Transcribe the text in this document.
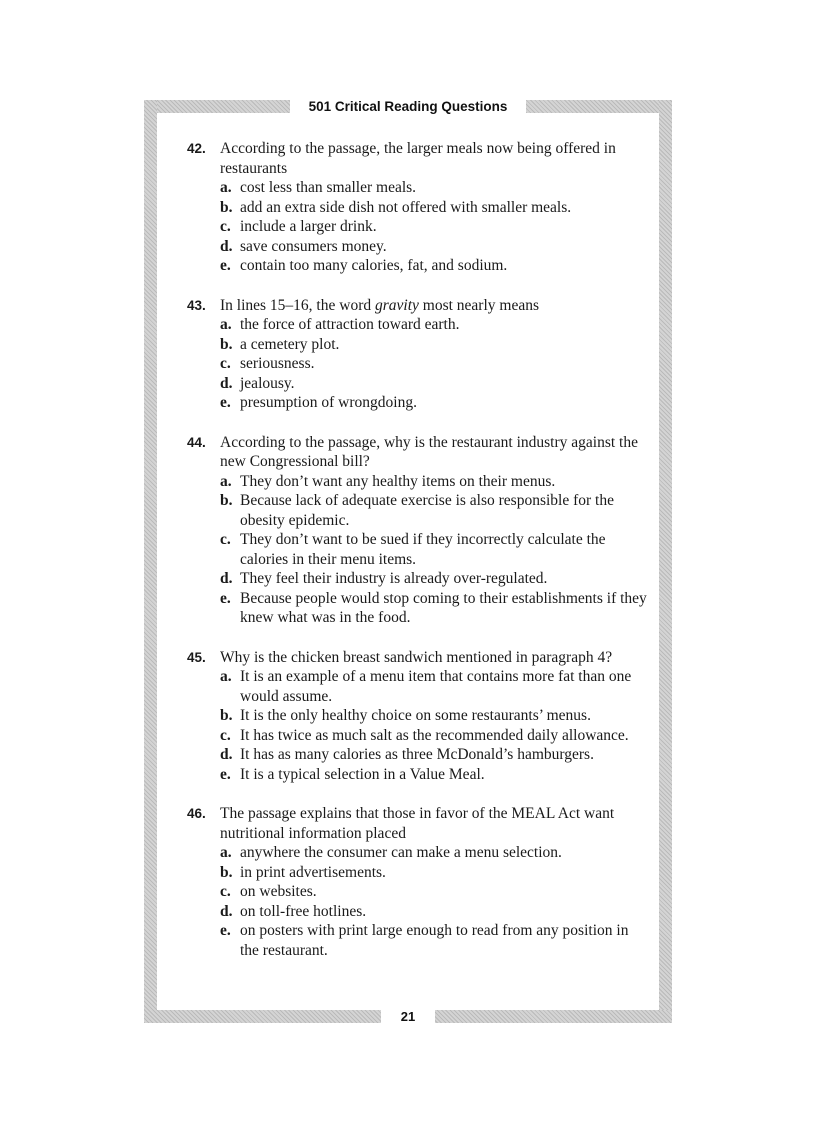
501 Critical Reading Questions
42. According to the passage, the larger meals now being offered in restaurants
a. cost less than smaller meals.
b. add an extra side dish not offered with smaller meals.
c. include a larger drink.
d. save consumers money.
e. contain too many calories, fat, and sodium.
43. In lines 15–16, the word gravity most nearly means
a. the force of attraction toward earth.
b. a cemetery plot.
c. seriousness.
d. jealousy.
e. presumption of wrongdoing.
44. According to the passage, why is the restaurant industry against the new Congressional bill?
a. They don’t want any healthy items on their menus.
b. Because lack of adequate exercise is also responsible for the obesity epidemic.
c. They don’t want to be sued if they incorrectly calculate the calories in their menu items.
d. They feel their industry is already over-regulated.
e. Because people would stop coming to their establishments if they knew what was in the food.
45. Why is the chicken breast sandwich mentioned in paragraph 4?
a. It is an example of a menu item that contains more fat than one would assume.
b. It is the only healthy choice on some restaurants’ menus.
c. It has twice as much salt as the recommended daily allowance.
d. It has as many calories as three McDonald’s hamburgers.
e. It is a typical selection in a Value Meal.
46. The passage explains that those in favor of the MEAL Act want nutritional information placed
a. anywhere the consumer can make a menu selection.
b. in print advertisements.
c. on websites.
d. on toll-free hotlines.
e. on posters with print large enough to read from any position in the restaurant.
21
